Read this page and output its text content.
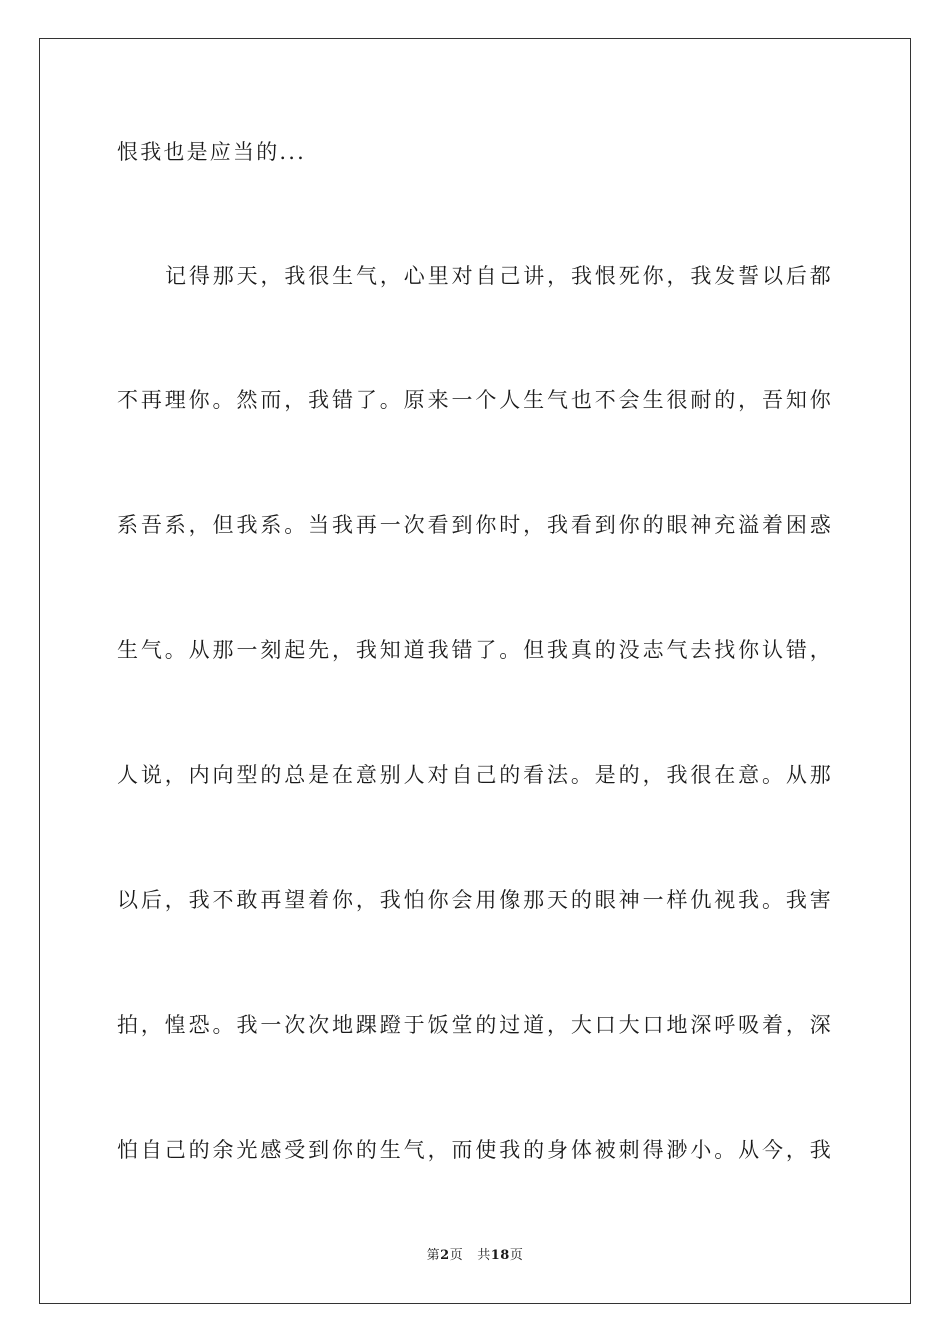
恨我也是应当的...
记得那天，我很生气，心里对自己讲，我恨死你，我发誓以后都
不再理你。然而，我错了。原来一个人生气也不会生很耐的，吾知你
系吾系，但我系。当我再一次看到你时，我看到你的眼神充溢着困惑
生气。从那一刻起先，我知道我错了。但我真的没志气去找你认错，
人说，内向型的总是在意别人对自己的看法。是的，我很在意。从那
以后，我不敢再望着你，我怕你会用像那天的眼神一样仇视我。我害
拍，惶恐。我一次次地踝蹬于饭堂的过道，大口大口地深呼吸着，深
怕自己的余光感受到你的生气，而使我的身体被刺得渺小。从今，我
第2页 共18页
